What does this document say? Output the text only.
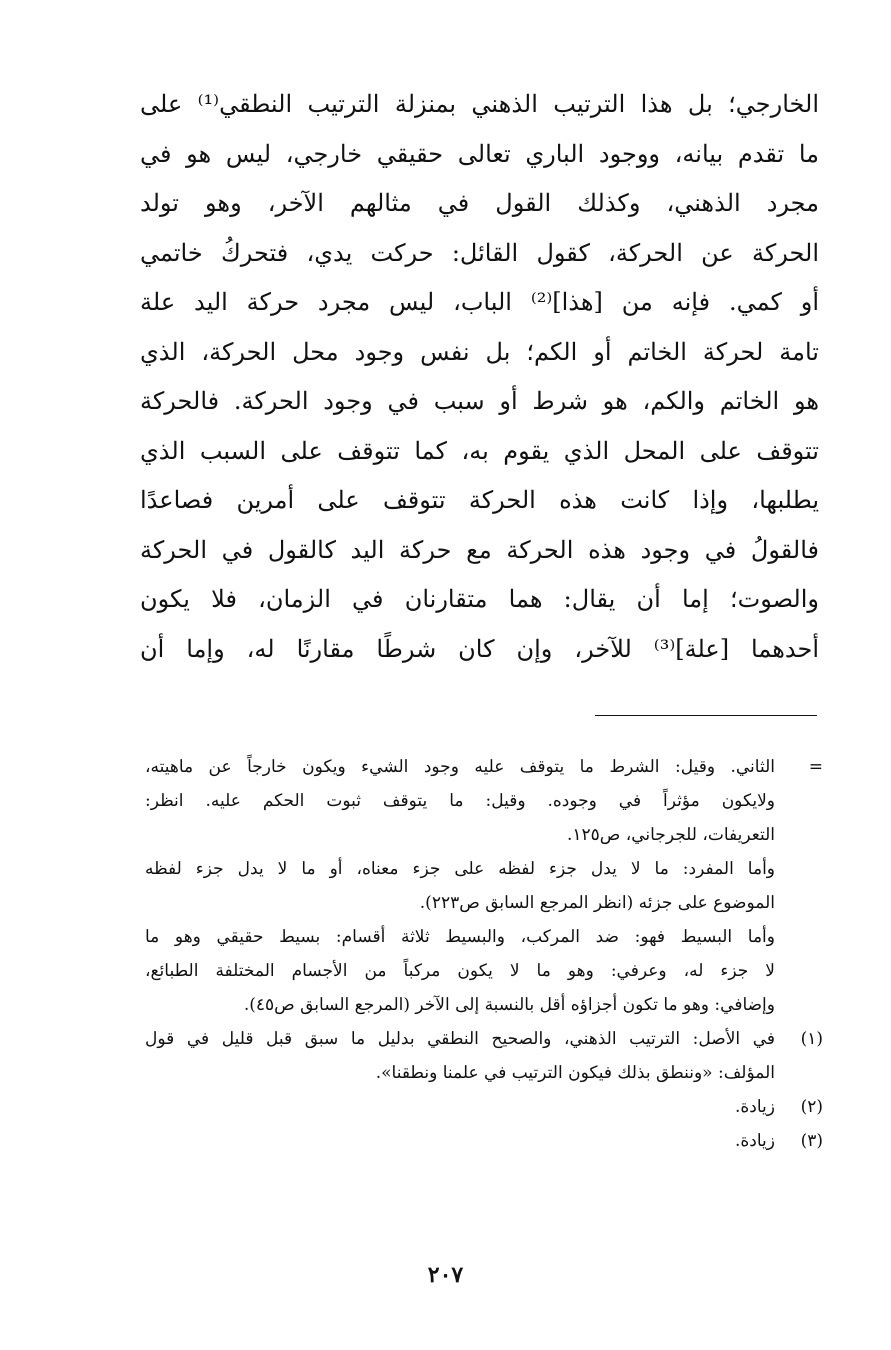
الخارجي؛ بل هذا الترتيب الذهني بمنزلة الترتيب النطقي⁽¹⁾ على
ما تقدم بيانه، ووجود الباري تعالى حقيقي خارجي، ليس هو في
مجرد الذهني، وكذلك القول في مثالهم الآخر، وهو تولد
الحركة عن الحركة، كقول القائل: حركت يدي، فتحركُ خاتمي
أو كمي. فإنه من [هذا]⁽²⁾ الباب، ليس مجرد حركة اليد علة
تامة لحركة الخاتم أو الكم؛ بل نفس وجود محل الحركة، الذي
هو الخاتم والكم، هو شرط أو سبب في وجود الحركة. فالحركة
تتوقف على المحل الذي يقوم به، كما تتوقف على السبب الذي
يطلبها، وإذا كانت هذه الحركة تتوقف على أمرين فصاعدًا
فالقولُ في وجود هذه الحركة مع حركة اليد كالقول في الحركة
والصوت؛ إما أن يقال: هما متقارنان في الزمان، فلا يكون
أحدهما [علة]⁽³⁾ للآخر، وإن كان شرطًا مقارنًا له، وإما أن
=
الثاني. وقيل: الشرط ما يتوقف عليه وجود الشيء ويكون خارجاً عن ماهيته،
ولايكون مؤثراً في وجوده. وقيل: ما يتوقف ثبوت الحكم عليه. انظر:
التعريفات، للجرجاني، ص١٢٥.
وأما المفرد: ما لا يدل جزء لفظه على جزء معناه، أو ما لا يدل جزء لفظه
الموضوع على جزئه (انظر المرجع السابق ص٢٢٣).
وأما البسيط فهو: ضد المركب، والبسيط ثلاثة أقسام: بسيط حقيقي وهو ما
لا جزء له، وعرفي: وهو ما لا يكون مركباً من الأجسام المختلفة الطبائع،
وإضافي: وهو ما تكون أجزاؤه أقل بالنسبة إلى الآخر (المرجع السابق ص٤٥).
(١)
في الأصل: الترتيب الذهني، والصحيح النطقي بدليل ما سبق قبل قليل في قول
المؤلف: «وننطق بذلك فيكون الترتيب في علمنا ونطقنا».
(٢)
زيادة.
(٣)
زيادة.
٢٠٧
